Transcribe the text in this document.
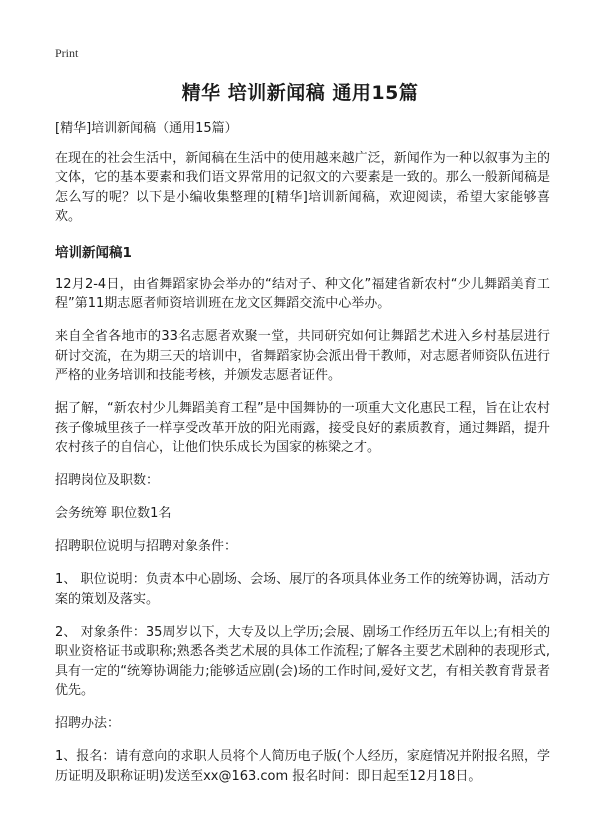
Print
精华 培训新闻稿 通用15篇

[精华]培训新闻稿（通用15篇）

在现在的社会生活中，新闻稿在生活中的使用越来越广泛，新闻作为一种以叙事为主的文体，它的基本要素和我们语文界常用的记叙文的六要素是一致的。那么一般新闻稿是怎么写的呢？以下是小编收集整理的[精华]培训新闻稿，欢迎阅读，希望大家能够喜欢。

培训新闻稿1

12月2-4日，由省舞蹈家协会举办的“结对子、种文化”福建省新农村“少儿舞蹈美育工程”第11期志愿者师资培训班在龙文区舞蹈交流中心举办。

来自全省各地市的33名志愿者欢聚一堂，共同研究如何让舞蹈艺术进入乡村基层进行研讨交流，在为期三天的培训中，省舞蹈家协会派出骨干教师，对志愿者师资队伍进行严格的业务培训和技能考核，并颁发志愿者证件。

据了解，“新农村少儿舞蹈美育工程”是中国舞协的一项重大文化惠民工程，旨在让农村孩子像城里孩子一样享受改革开放的阳光雨露，接受良好的素质教育，通过舞蹈，提升农村孩子的自信心，让他们快乐成长为国家的栋梁之才。

招聘岗位及职数：

会务统筹 职位数1名

招聘职位说明与招聘对象条件：

1、 职位说明：负责本中心剧场、会场、展厅的各项具体业务工作的统筹协调，活动方案的策划及落实。

2、 对象条件：35周岁以下，大专及以上学历;会展、剧场工作经历五年以上;有相关的职业资格证书或职称;熟悉各类艺术展的具体工作流程;了解各主要艺术剧种的表现形式,具有一定的“统筹协调能力;能够适应剧(会)场的工作时间,爱好文艺，有相关教育背景者优先。

招聘办法：

1、报名：请有意向的求职人员将个人简历电子版(个人经历，家庭情况并附报名照，学历证明及职称证明)发送至xx@163.com 报名时间：即日起至12月18日。
